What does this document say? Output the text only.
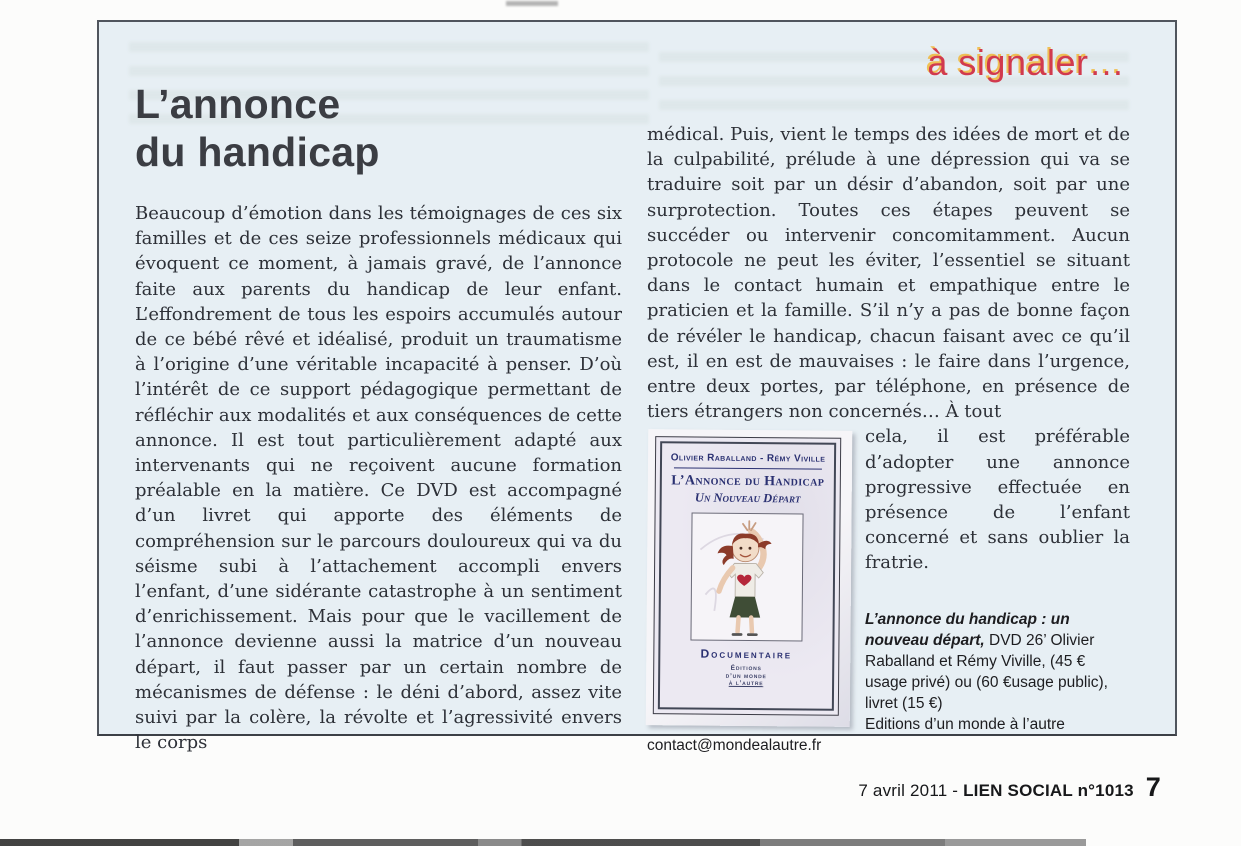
à signaler…
L’annonce
du handicap

Beaucoup d’émotion dans les témoignages de ces six familles et de ces seize professionnels médicaux qui évoquent ce moment, à jamais gravé, de l’annonce faite aux parents du handicap de leur enfant. L’effondrement de tous les espoirs accumulés autour de ce bébé rêvé et idéalisé, produit un traumatisme à l’origine d’une véritable incapacité à penser. D’où l’intérêt de ce support pédagogique permettant de réfléchir aux modalités et aux conséquences de cette annonce. Il est tout particulièrement adapté aux intervenants qui ne reçoivent aucune formation préalable en la matière. Ce DVD est accompagné d’un livret qui apporte des éléments de compréhension sur le parcours douloureux qui va du séisme subi à l’attachement accompli envers l’enfant, d’une sidérante catastrophe à un sentiment d’enrichissement. Mais pour que le vacillement de l’annonce devienne aussi la matrice d’un nouveau départ, il faut passer par un certain nombre de mécanismes de défense : le déni d’abord, assez vite suivi par la colère, la révolte et l’agressivité envers le corps

médical. Puis, vient le temps des idées de mort et de la culpabilité, prélude à une dépression qui va se traduire soit par un désir d’abandon, soit par une surprotection. Toutes ces étapes peuvent se succéder ou intervenir concomitamment. Aucun protocole ne peut les éviter, l’essentiel se situant dans le contact humain et empathique entre le praticien et la famille. S’il n’y a pas de bonne façon de révéler le handicap, chacun faisant avec ce qu’il est, il en est de mauvaises : le faire dans l’urgence, entre deux portes, par téléphone, en présence de tiers étrangers non concernés… À tout

Olivier Raballand - Rémy Viville
L’Annonce du Handicap
Un Nouveau Départ
Documentaire
Éditions
d’un monde
à l’autre

cela, il est préférable d’adopter une annonce progressive effectuée en présence de l’enfant concerné et sans oublier la fratrie.

L’annonce du handicap : un nouveau départ, DVD 26’ Olivier Raballand et Rémy Viville, (45 € usage privé) ou (60 €usage public), livret (15 €)
Editions d’un monde à l’autre
contact@mondealautre.fr
7 avril 2011 - LIEN SOCIAL n°1013 7
